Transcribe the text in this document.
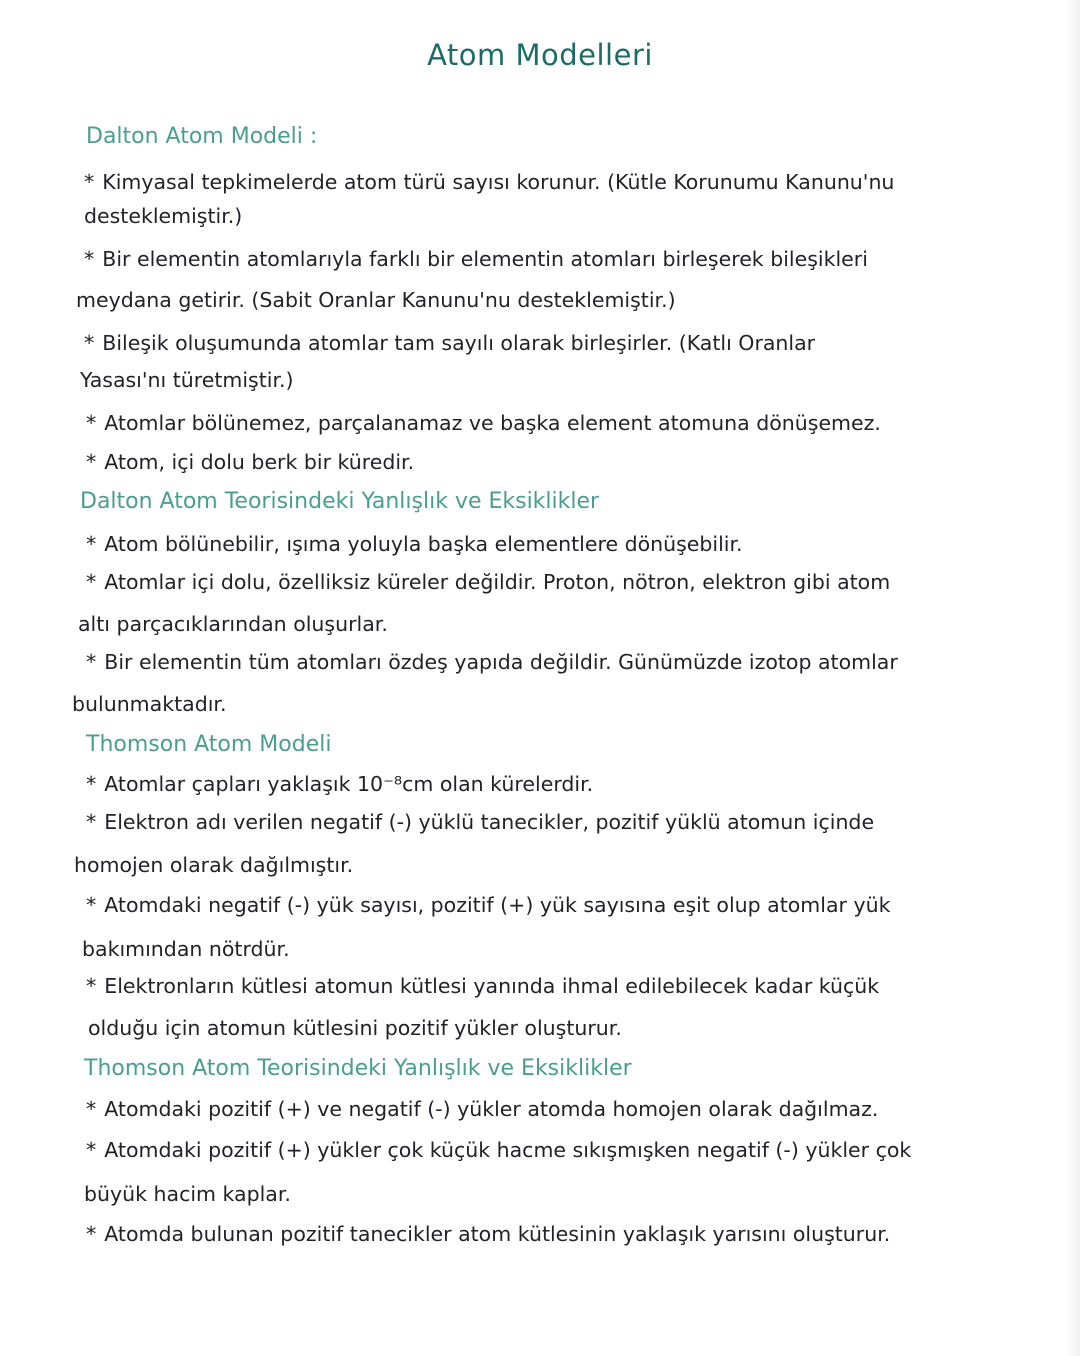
Atom Modelleri
Dalton Atom Modeli :
* Kimyasal tepkimelerde atom türü sayısı korunur. (Kütle Korunumu Kanunu'nu
desteklemiştir.)
* Bir elementin atomlarıyla farklı bir elementin atomları birleşerek bileşikleri
meydana getirir. (Sabit Oranlar Kanunu'nu desteklemiştir.)
* Bileşik oluşumunda atomlar tam sayılı olarak birleşirler. (Katlı Oranlar
Yasası'nı türetmiştir.)
* Atomlar bölünemez, parçalanamaz ve başka element atomuna dönüşemez.
* Atom, içi dolu berk bir küredir.
Dalton Atom Teorisindeki Yanlışlık ve Eksiklikler
* Atom bölünebilir, ışıma yoluyla başka elementlere dönüşebilir.
* Atomlar içi dolu, özelliksiz küreler değildir. Proton, nötron, elektron gibi atom
altı parçacıklarından oluşurlar.
* Bir elementin tüm atomları özdeş yapıda değildir. Günümüzde izotop atomlar
bulunmaktadır.
Thomson Atom Modeli
* Atomlar çapları yaklaşık 10⁻⁸cm olan kürelerdir.
* Elektron adı verilen negatif (-) yüklü tanecikler, pozitif yüklü atomun içinde
homojen olarak dağılmıştır.
* Atomdaki negatif (-) yük sayısı, pozitif (+) yük sayısına eşit olup atomlar yük
bakımından nötrdür.
* Elektronların kütlesi atomun kütlesi yanında ihmal edilebilecek kadar küçük
olduğu için atomun kütlesini pozitif yükler oluşturur.
Thomson Atom Teorisindeki Yanlışlık ve Eksiklikler
* Atomdaki pozitif (+) ve negatif (-) yükler atomda homojen olarak dağılmaz.
* Atomdaki pozitif (+) yükler çok küçük hacme sıkışmışken negatif (-) yükler çok
büyük hacim kaplar.
* Atomda bulunan pozitif tanecikler atom kütlesinin yaklaşık yarısını oluşturur.
